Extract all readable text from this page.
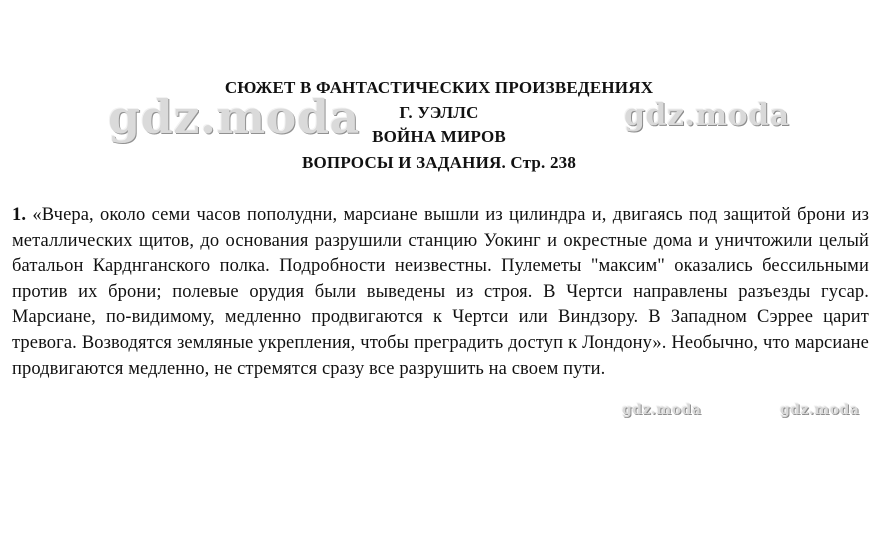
gdz.moda	gdz.moda
СЮЖЕТ В ФАНТАСТИЧЕСКИХ ПРОИЗВЕДЕНИЯХ
Г. УЭЛЛС
ВОЙНА МИРОВ
ВОПРОСЫ И ЗАДАНИЯ. Стр. 238
1. «Вчера, около семи часов пополудни, марсиане вышли из цилиндра и, двигаясь под защитой брони из металлических щитов, до основания разрушили станцию Уокинг и окрестные дома и уничтожили целый батальон Карднганского полка. Подробности неизвестны. Пулеметы "максим" оказались бессильными против их брони; полевые орудия были выведены из строя. В Чертси направлены разъезды гусар. Марсиане, по-видимому, медленно продвигаются к Чертси или Виндзору. В Западном Сэррее царит тревога. Возводятся земляные укрепления, чтобы преградить доступ к Лондону». Необычно, что марсиане продвигаются медленно, не стремятся сразу все разрушить на своем пути.
gdz.moda	gdz.moda
